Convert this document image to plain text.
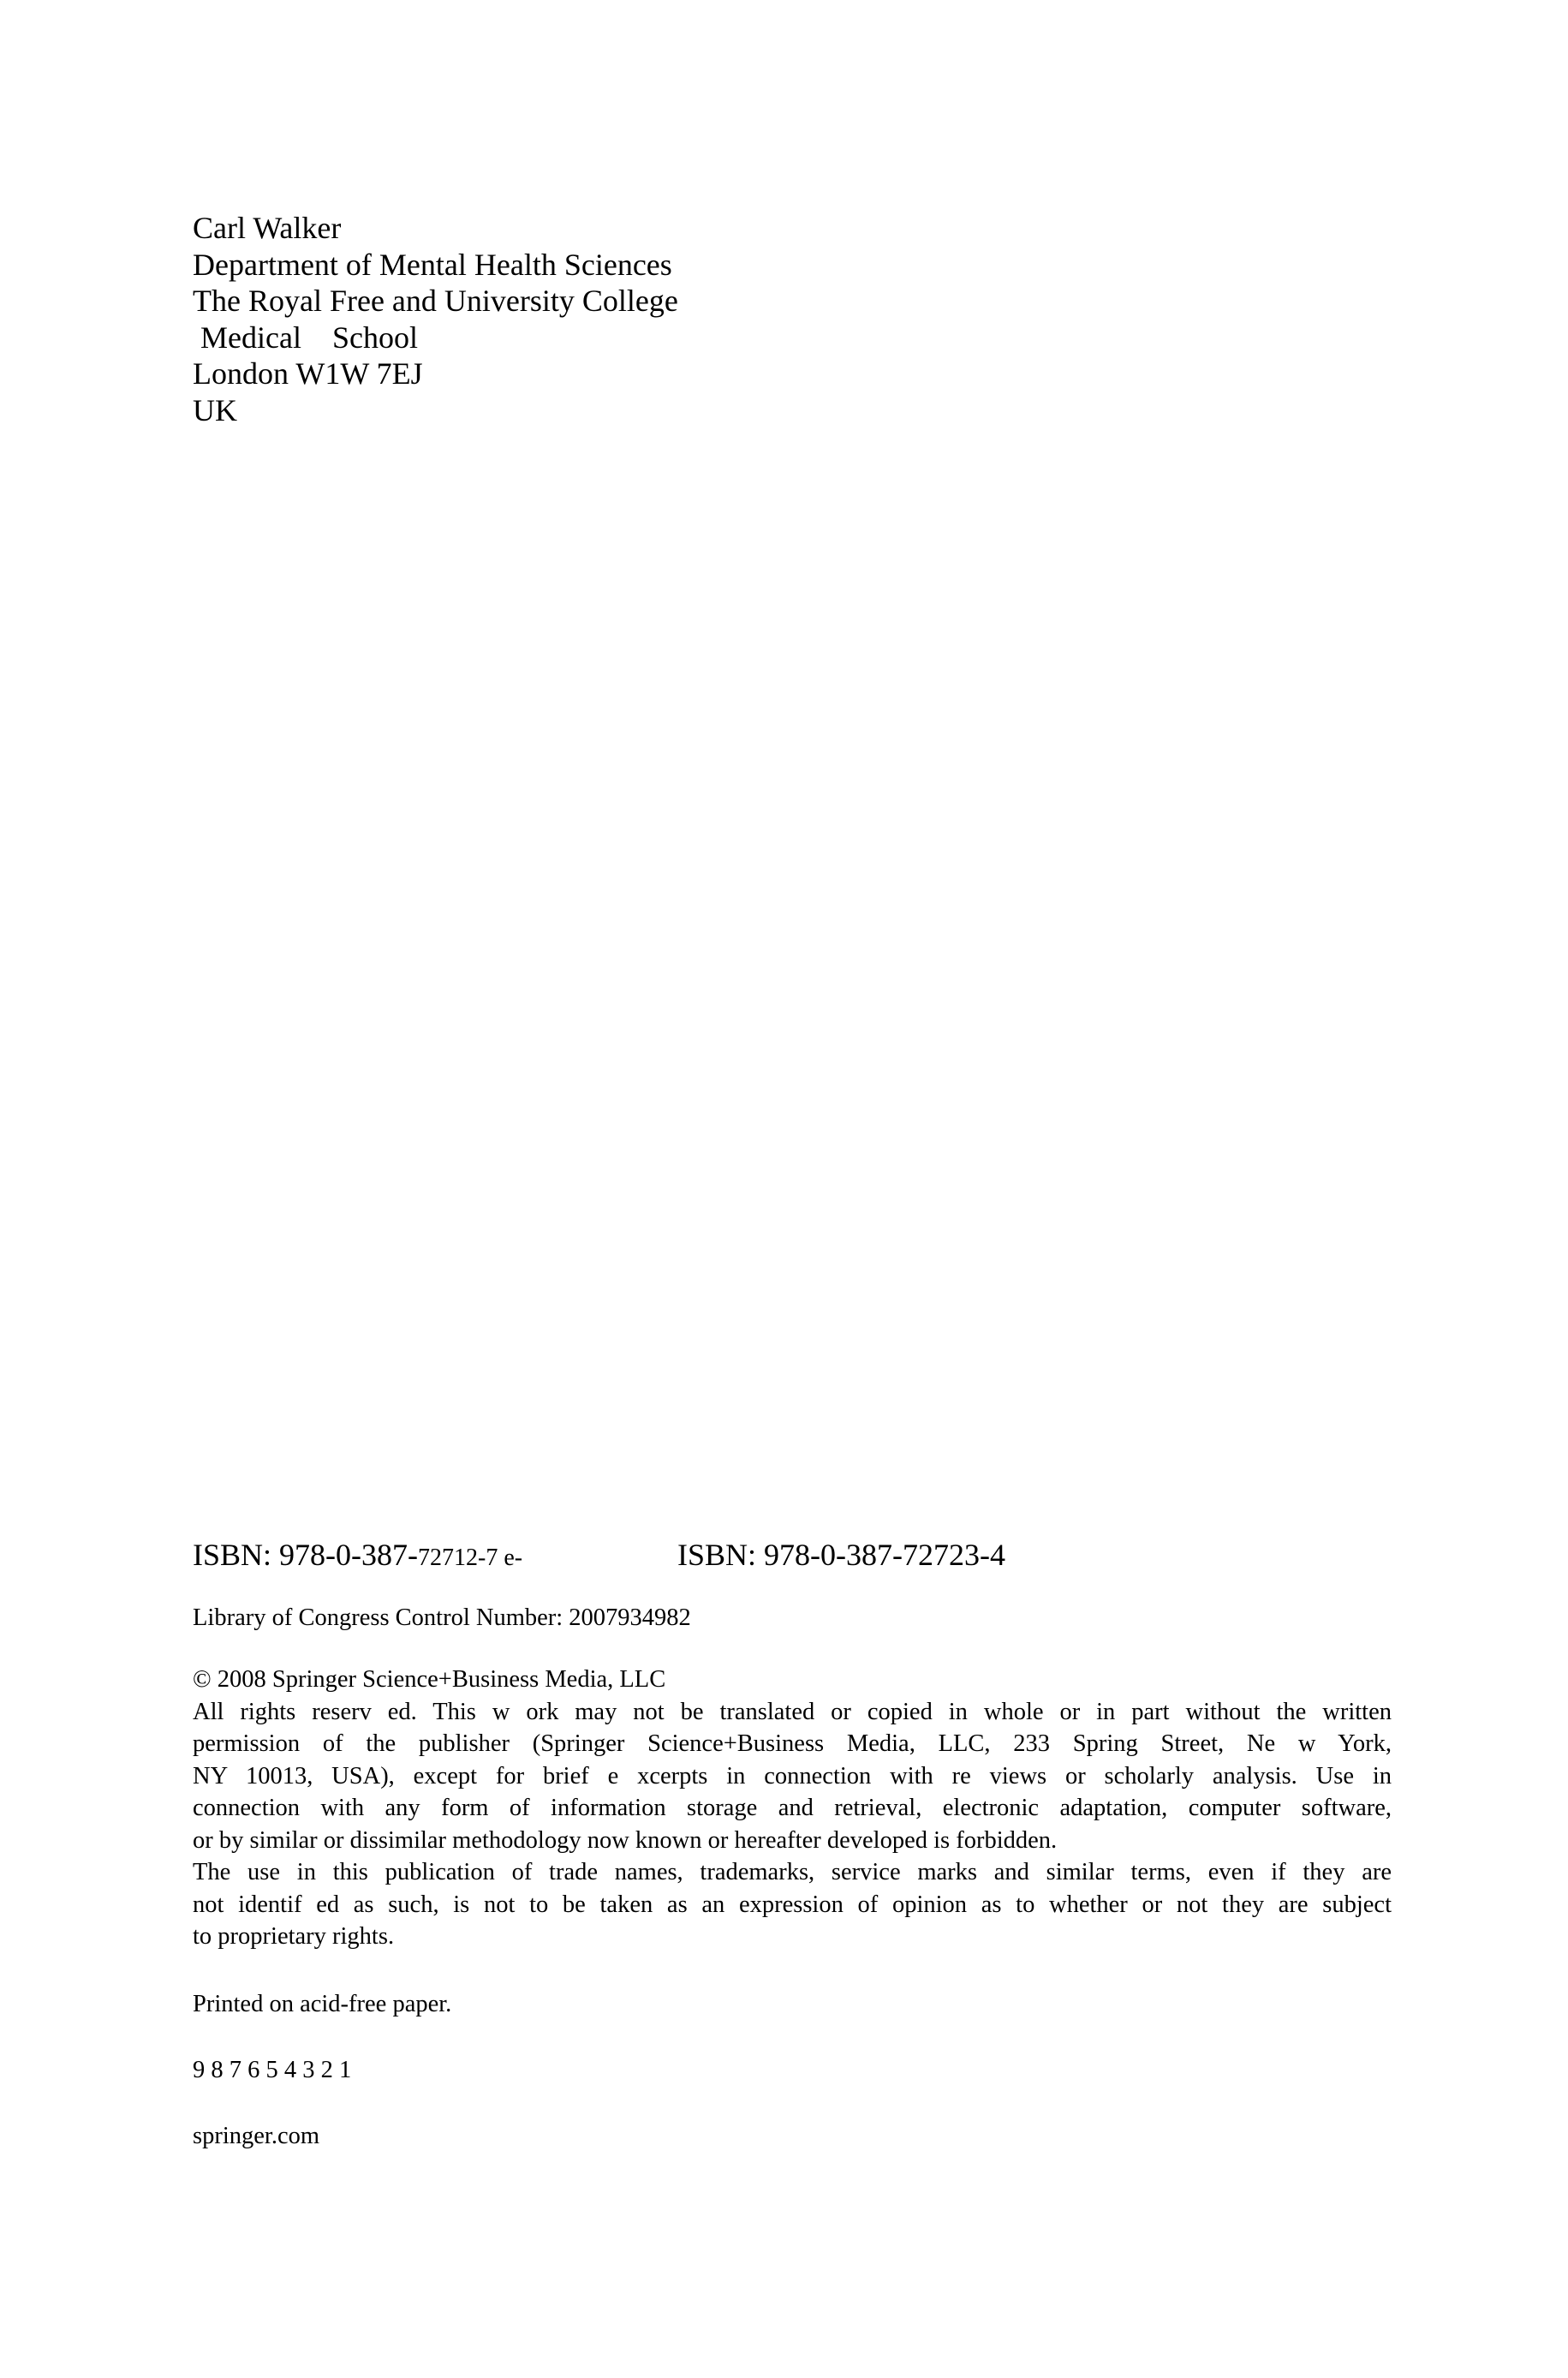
Carl Walker
Department of Mental Health Sciences
The Royal Free and University College
Medical    School
London W1W 7EJ
UK

ISBN: 978-0-387-72712-7 e-

	ISBN: 978-0-387-72723-4

Library of Congress Control Number: 2007934982
© 2008 Springer Science+Business Media, LLC
All rights reserv ed. This w ork may not be translated or copied in whole or in part without the written
permission of the publisher (Springer Science+Business Media, LLC, 233 Spring Street, Ne w York,
NY 10013, USA), except for brief e xcerpts in connection with re views or scholarly analysis. Use in
connection with any form of information storage and retrieval, electronic adaptation, computer software,
or by similar or dissimilar methodology now known or hereafter developed is forbidden.
The use in this publication of trade names, trademarks, service marks and similar terms, even if they are
not identif ed as such, is not to be taken as an expression of opinion as to whether or not they are subject
to proprietary rights.
Printed on acid-free paper.
9 8 7 6 5 4 3 2 1
springer.com
